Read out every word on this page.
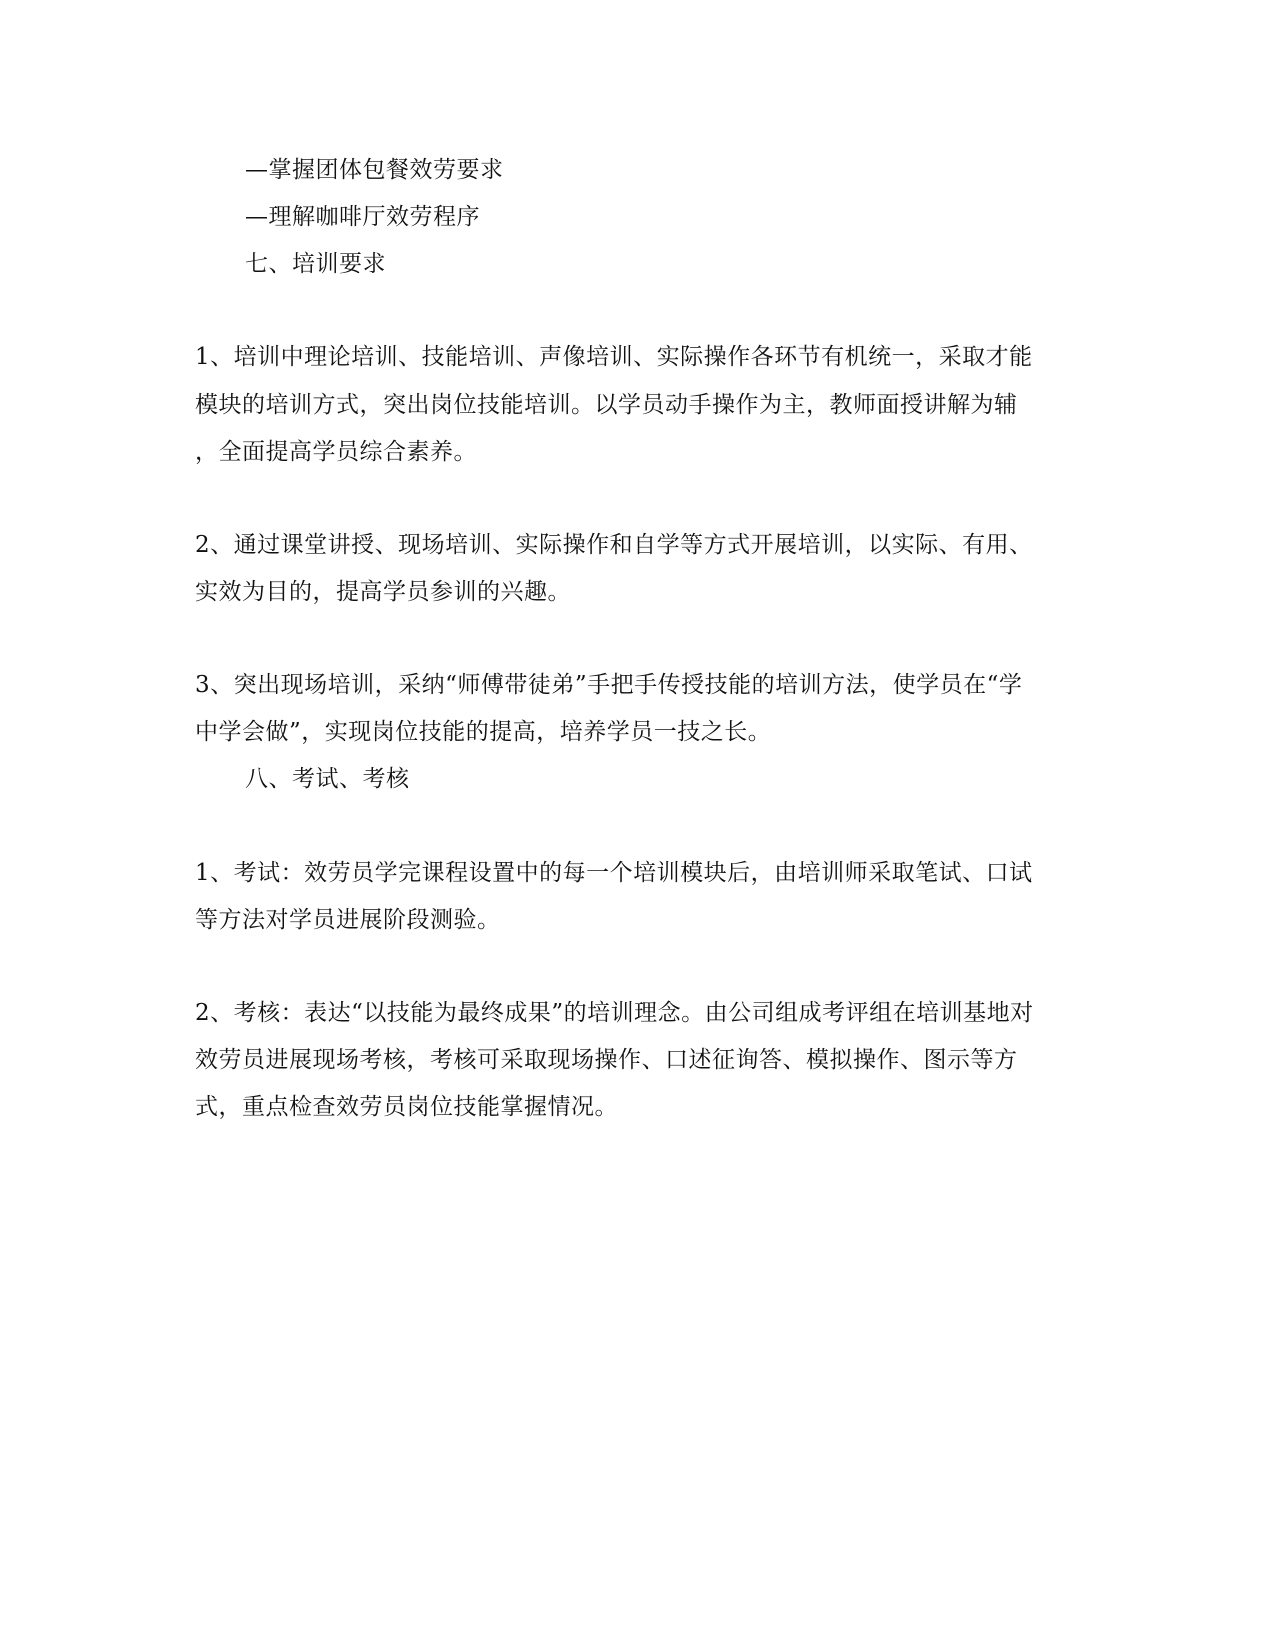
—掌握团体包餐效劳要求
—理解咖啡厅效劳程序
七、培训要求
1、培训中理论培训、技能培训、声像培训、实际操作各环节有机统一，采取才能
模块的培训方式，突出岗位技能培训。以学员动手操作为主，教师面授讲解为辅
，全面提高学员综合素养。
2、通过课堂讲授、现场培训、实际操作和自学等方式开展培训，以实际、有用、
实效为目的，提高学员参训的兴趣。
3、突出现场培训，采纳“师傅带徒弟”手把手传授技能的培训方法，使学员在“学
中学会做”，实现岗位技能的提高，培养学员一技之长。
八、考试、考核
1、考试：效劳员学完课程设置中的每一个培训模块后，由培训师采取笔试、口试
等方法对学员进展阶段测验。
2、考核：表达“以技能为最终成果”的培训理念。由公司组成考评组在培训基地对
效劳员进展现场考核，考核可采取现场操作、口述征询答、模拟操作、图示等方
式，重点检查效劳员岗位技能掌握情况。
